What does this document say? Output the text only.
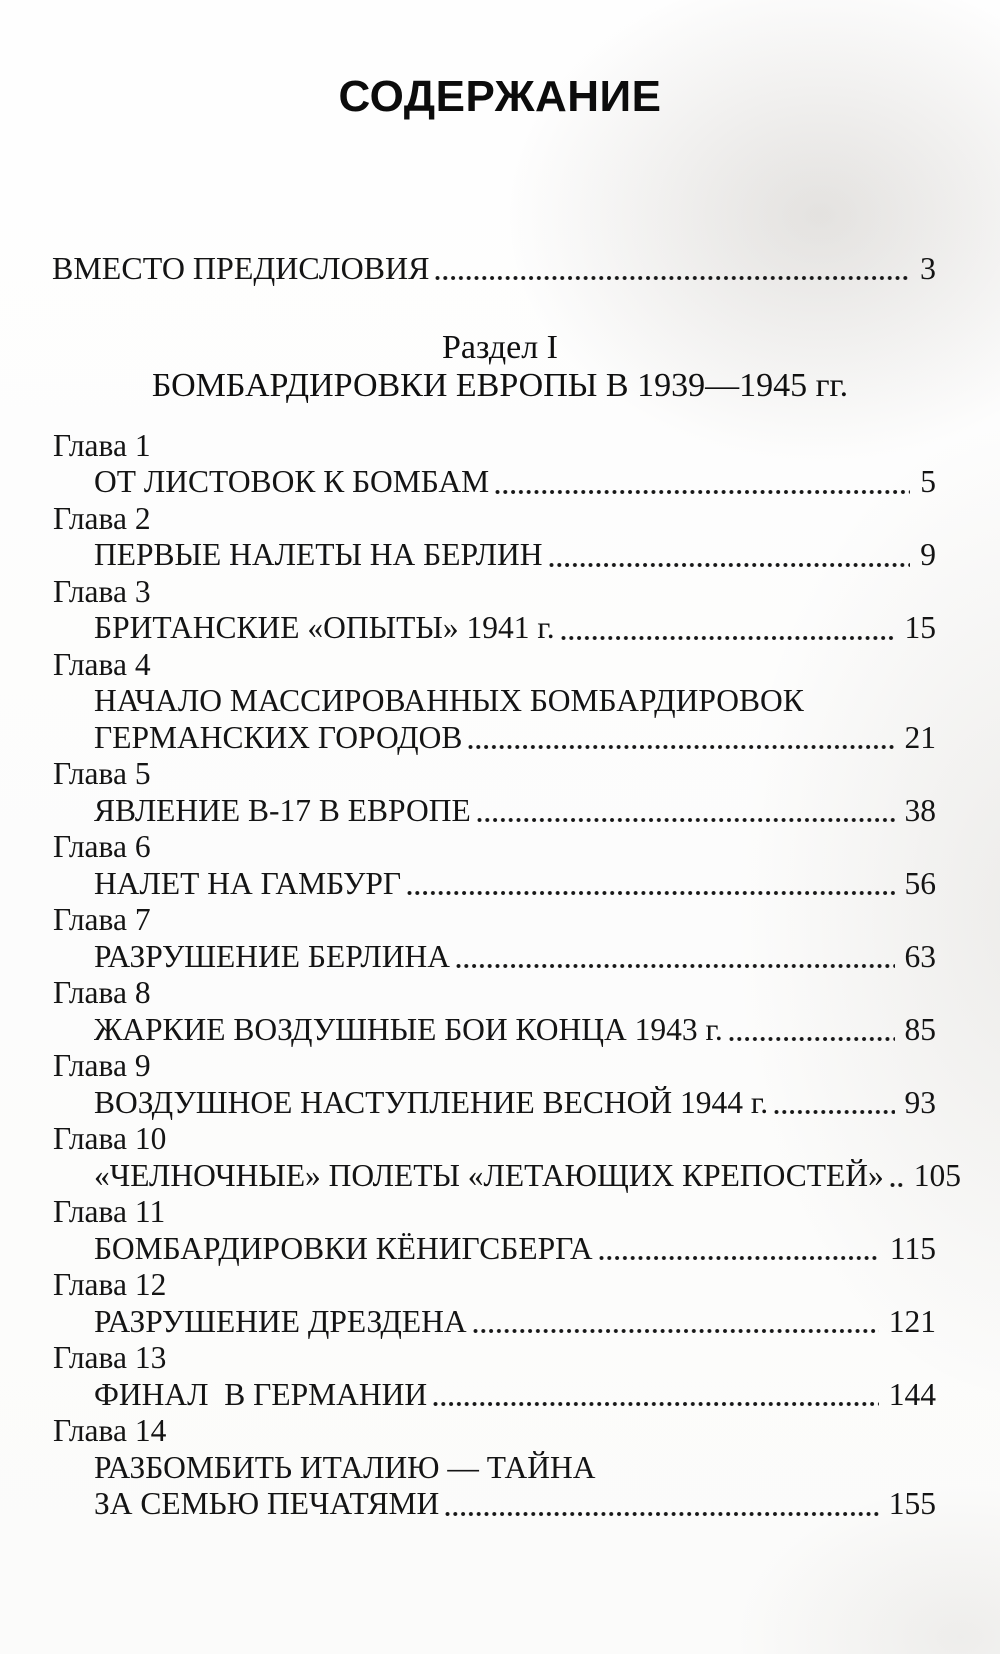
СОДЕРЖАНИЕ
ВМЕСТО ПРЕДИСЛОВИЯ	3
Раздел I
БОМБАРДИРОВКИ ЕВРОПЫ В 1939—1945 гг.
Глава 1
ОТ ЛИСТОВОК К БОМБАМ	5
Глава 2
ПЕРВЫЕ НАЛЕТЫ НА БЕРЛИН	9
Глава 3
БРИТАНСКИЕ «ОПЫТЫ» 1941 г.	15
Глава 4
НАЧАЛО МАССИРОВАННЫХ БОМБАРДИРОВОК
ГЕРМАНСКИХ ГОРОДОВ	21
Глава 5
ЯВЛЕНИЕ В-17 В ЕВРОПЕ	38
Глава 6
НАЛЕТ НА ГАМБУРГ	56
Глава 7
РАЗРУШЕНИЕ БЕРЛИНА	63
Глава 8
ЖАРКИЕ ВОЗДУШНЫЕ БОИ КОНЦА 1943 г.	85
Глава 9
ВОЗДУШНОЕ НАСТУПЛЕНИЕ ВЕСНОЙ 1944 г.	93
Глава 10
«ЧЕЛНОЧНЫЕ» ПОЛЕТЫ «ЛЕТАЮЩИХ КРЕПОСТЕЙ» 105
Глава 11
БОМБАРДИРОВКИ КЁНИГСБЕРГА	115
Глава 12
РАЗРУШЕНИЕ ДРЕЗДЕНА	121
Глава 13
ФИНАЛ  В ГЕРМАНИИ	144
Глава 14
РАЗБОМБИТЬ ИТАЛИЮ — ТАЙНА
ЗА СЕМЬЮ ПЕЧАТЯМИ	155
